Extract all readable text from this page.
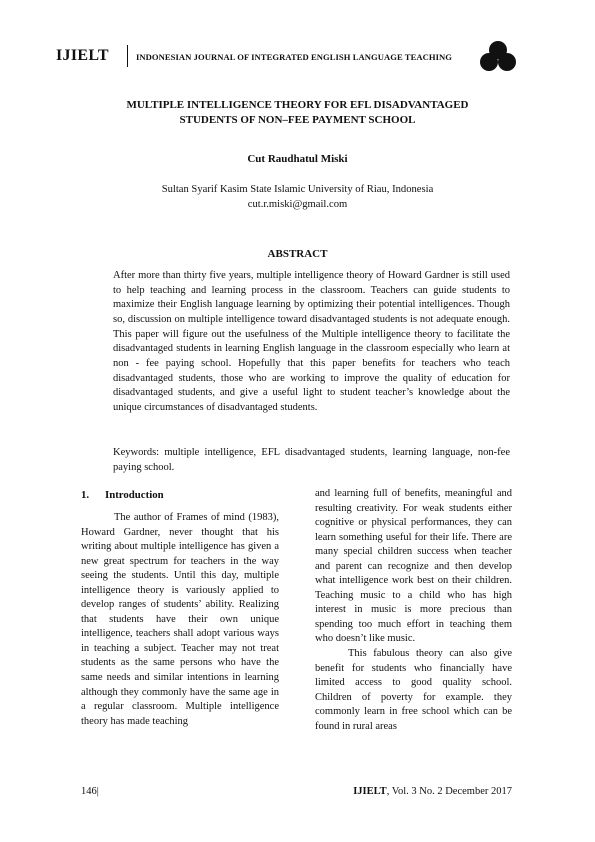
IJIELT	INDONESIAN JOURNAL OF INTEGRATED ENGLISH LANGUAGE TEACHING
MULTIPLE INTELLIGENCE THEORY FOR EFL DISADVANTAGED
STUDENTS OF NON–FEE PAYMENT SCHOOL
Cut Raudhatul Miski
Sultan Syarif Kasim State Islamic University of Riau, Indonesia
cut.r.miski@gmail.com
ABSTRACT
After more than thirty five years, multiple intelligence theory of Howard Gardner is still used to help teaching and learning process in the classroom. Teachers can guide students to maximize their English language learning by optimizing their potential intelligences. Though so, discussion on multiple intelligence toward disadvantaged students is not adequate enough. This paper will figure out the usefulness of the Multiple intelligence theory to facilitate the disadvantaged students in learning English language in the classroom especially who learn at non - fee paying school. Hopefully that this paper benefits for teachers who teach disadvantaged students, those who are working to improve the quality of education for disadvantaged students, and give a useful light to student teacher’s knowledge about the unique circumstances of disadvantaged students.
Keywords: multiple intelligence, EFL disadvantaged students, learning language, non-fee paying school.
1. Introduction

The author of Frames of mind (1983), Howard Gardner, never thought that his writing about multiple intelligence has given a new great spectrum for teachers in the way seeing the students. Until this day, multiple intelligence theory is variously applied to develop ranges of students’ ability. Realizing that students have their own unique intelligence, teachers shall adopt various ways in teaching a subject. Teacher may not treat students as the same persons who have the same needs and similar intentions in learning although they commonly have the same age in a regular classroom. Multiple intelligence theory has made teaching

and learning full of benefits, meaningful and resulting creativity. For weak students either cognitive or physical performances, they can learn something useful for their life. There are many special children success when teacher and parent can recognize and then develop what intelligence work best on their children. Teaching music to a child who has high interest in music is more precious than spending too much effort in teaching them who doesn’t like music.

This fabulous theory can also give benefit for students who financially have limited access to good quality school. Children of poverty for example. they commonly learn in free school which can be found in rural areas

146|	IJIELT, Vol. 3 No. 2 December 2017
